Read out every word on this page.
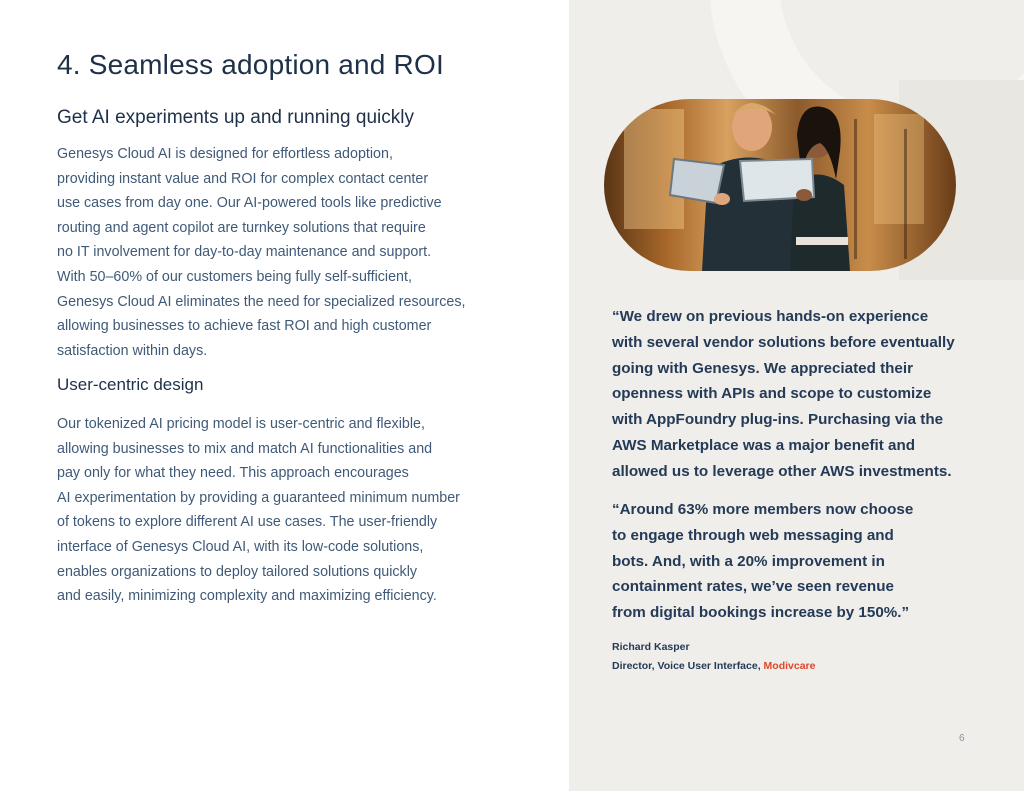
4. Seamless adoption and ROI
Get AI experiments up and running quickly

Genesys Cloud AI is designed for effortless adoption,
providing instant value and ROI for complex contact center
use cases from day one. Our AI-powered tools like predictive
routing and agent copilot are turnkey solutions that require
no IT involvement for day-to-day maintenance and support.
With 50–60% of our customers being fully self-sufficient,
Genesys Cloud AI eliminates the need for specialized resources,
allowing businesses to achieve fast ROI and high customer
satisfaction within days.

User-centric design

Our tokenized AI pricing model is user-centric and flexible,
allowing businesses to mix and match AI functionalities and
pay only for what they need. This approach encourages
AI experimentation by providing a guaranteed minimum number
of tokens to explore different AI use cases. The user-friendly
interface of Genesys Cloud AI, with its low-code solutions,
enables organizations to deploy tailored solutions quickly
and easily, minimizing complexity and maximizing efficiency.

“We drew on previous hands-on experience
with several vendor solutions before eventually
going with Genesys. We appreciated their
openness with APIs and scope to customize
with AppFoundry plug-ins. Purchasing via the
AWS Marketplace was a major benefit and
allowed us to leverage other AWS investments.

“Around 63% more members now choose
to engage through web messaging and
bots. And, with a 20% improvement in
containment rates, we’ve seen revenue
from digital bookings increase by 150%.”

Richard Kasper
Director, Voice User Interface, Modivcare

6
